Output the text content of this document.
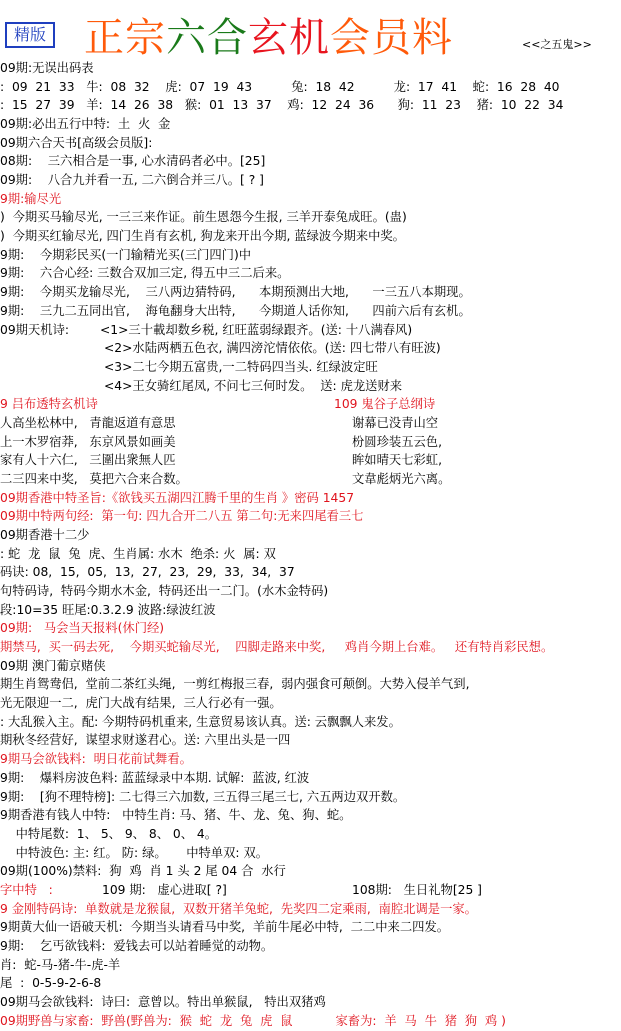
精版 正宗六合玄机会员料	<<之五鬼>>
09期:无误出码表
:  09  21  33   牛:  08  32    虎:  07  19  43          兔:  18  42          龙:  17  41    蛇:  16  28  40
:  15  27  39   羊:  14  26  38   猴:  01  13  37    鸡:  12  24  36      狗:  11  23    猪:  10  22  34
09期:必出五行中特:  土  火  金
09期六合天书[高级会员版]:
08期:    三六相合是一事, 心水清码者必中。[25]
09期:    八合九并看一五, 二六倒合并三八。[ ? ]
9期:输尽光
)  今期买马输尽光, 一三三来作证。前生恩怨今生报, 三羊开泰兔成旺。(蛊)
)  今期买红输尽光, 四门生肖有玄机, 狗龙来开出今期, 蓝绿波今期来中奖。
9期:    今期彩民买(一门输精光买(三门四门)中
9期:    六合心经: 三数合双加三定, 得五中三二后来。
9期:    今期买龙输尽光,    三八两边猜特码,      本期预测出大地,      一三五八本期现。
9期:    三九二五同出官,    海龟翻身大出特,      今期道人话你知,      四前六后有玄机。
09期天机诗:	<1>三十載却数乡税, 红旺蓝弱绿跟齐。(送: 十八满春风)
<2>水陆两栖五色衣, 满四滂沱情依依。(送: 四七带八有旺波)
<3>二七今期五富贵,一二特码四当头. 红绿波定旺
<4>王女骑红尾凤, 不问七三何时发。  送: 虎龙送财来
9 吕布透特玄机诗	109 鬼谷子总纲诗
人高坐松林中,   青龍返道有意思	谢幕已没青山空
上一木罗宿莽,   东京风景如画美	枌圆珍装五云色,
家有人十六仁,   三圍出衆無人匹	眸如晴天七彩虹,
二三四来中奖,   莫把六合来合数。	文韋彪炳光六离。
09期香港中特圣旨:《欲钱买五湖四江腾千里的生肖 》密码 1457
09期中特两句经:  第一句: 四九合开二八五 第二句:无来四尾看三七
09期香港十二少
: 蛇  龙  鼠  兔  虎、生肖属: 水木  绝杀: 火  属: 双
码诀: 08,  15,  05,  13,  27,  23,  29,  33,  34,  37
句特码诗,  特码今期水木金,  特码还出一二门。(水木金特码)
段:10=35 旺尾:0.3.2.9 波路:绿波红波
09期:   马会当天报料(休门经)
期禁马,  买一码去死,    今期买蛇输尽光,    四脚走路来中奖,     鸡肖今期上台难。   还有特肖彩民想。
09期 澳门葡京赌侠
期生肖鸳鸯侣,  堂前二茶红头绳,  一剪红梅报三春,  弱内强食可颠倒。大势入侵羊气到,
光无限迎一二,  虎门大战有结果,  三人行必有一强。
: 大乱猴入主。配: 今期特码机重来, 生意贸易该认真。送: 云飘飘人来发。
期秋冬经营好,  谋望求财遂君心。送: 六里出头是一四
9期马会欲钱料:  明日花前试舞看。
9期:    爆料房波色料: 蓝蓝绿录中本期. 试解:  蓝波, 红波
9期:    [狗不理特榜]: 二七得三六加数, 三五得三尾三七, 六五两边双开数。
9期香港有钱人中特:   中特生肖: 马、猪、牛、龙、兔、狗、蛇。
中特尾数:  1、 5、 9、 8、 0、 4。
中特波色: 主: 红。 防: 绿。     中特单双: 双。
09期(100%)禁料:  狗  鸡  肖 1 头 2 尾 04 合  水行
字中特   :	109 期:   虚心进取[ ?]	108期:   生日礼物[25 ]
9 金刚特码诗:  单数就是龙猴鼠,  双数开猪羊兔蛇,  先奖四二定乘雨,  南腔北调是一家。
9期黄大仙一语破天机:  今期当头请看马中奖,  羊前牛尾必中特,  二二中来二四发。
9期:    乞丐欲钱料:  爱钱去可以站着睡觉的动物。
肖:  蛇-马-猪-牛-虎-羊
尾  :  0-5-9-2-6-8
09期马会欲钱料:  诗曰:  意曾以。特出单猴鼠,   特出双猪鸡
09期野兽与家畜:  野兽(野兽为:  猴  蛇  龙  兔  虎  鼠           家畜为:  羊  马  牛  猪  狗  鸡 )
